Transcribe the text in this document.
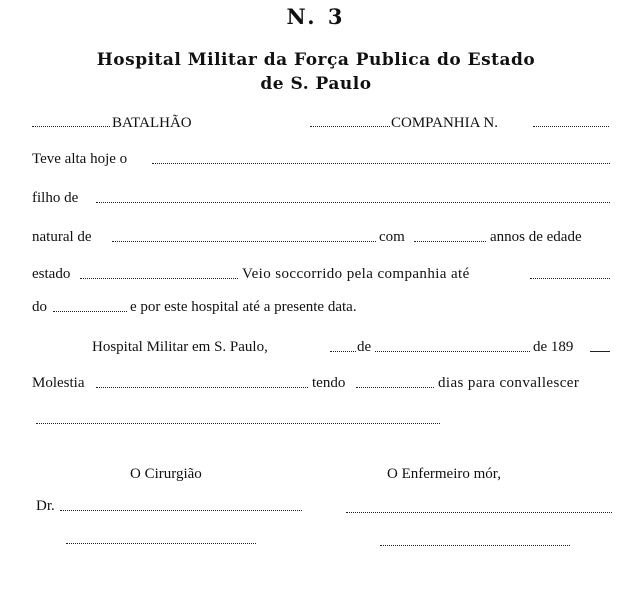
N. 3
Hospital Militar da Força Publica do Estado
de S. Paulo
BATALHÃO	COMPANHIA N.
Teve alta hoje o
filho de
natural de	com	annos de edade
estado	Veio soccorrido pela companhia até
do	e por este hospital até a presente data.
Hospital Militar em S. Paulo,	de	de 189
Molestia	tendo	dias para convallescer
O Cirurgião	O Enfermeiro mór,
Dr.
